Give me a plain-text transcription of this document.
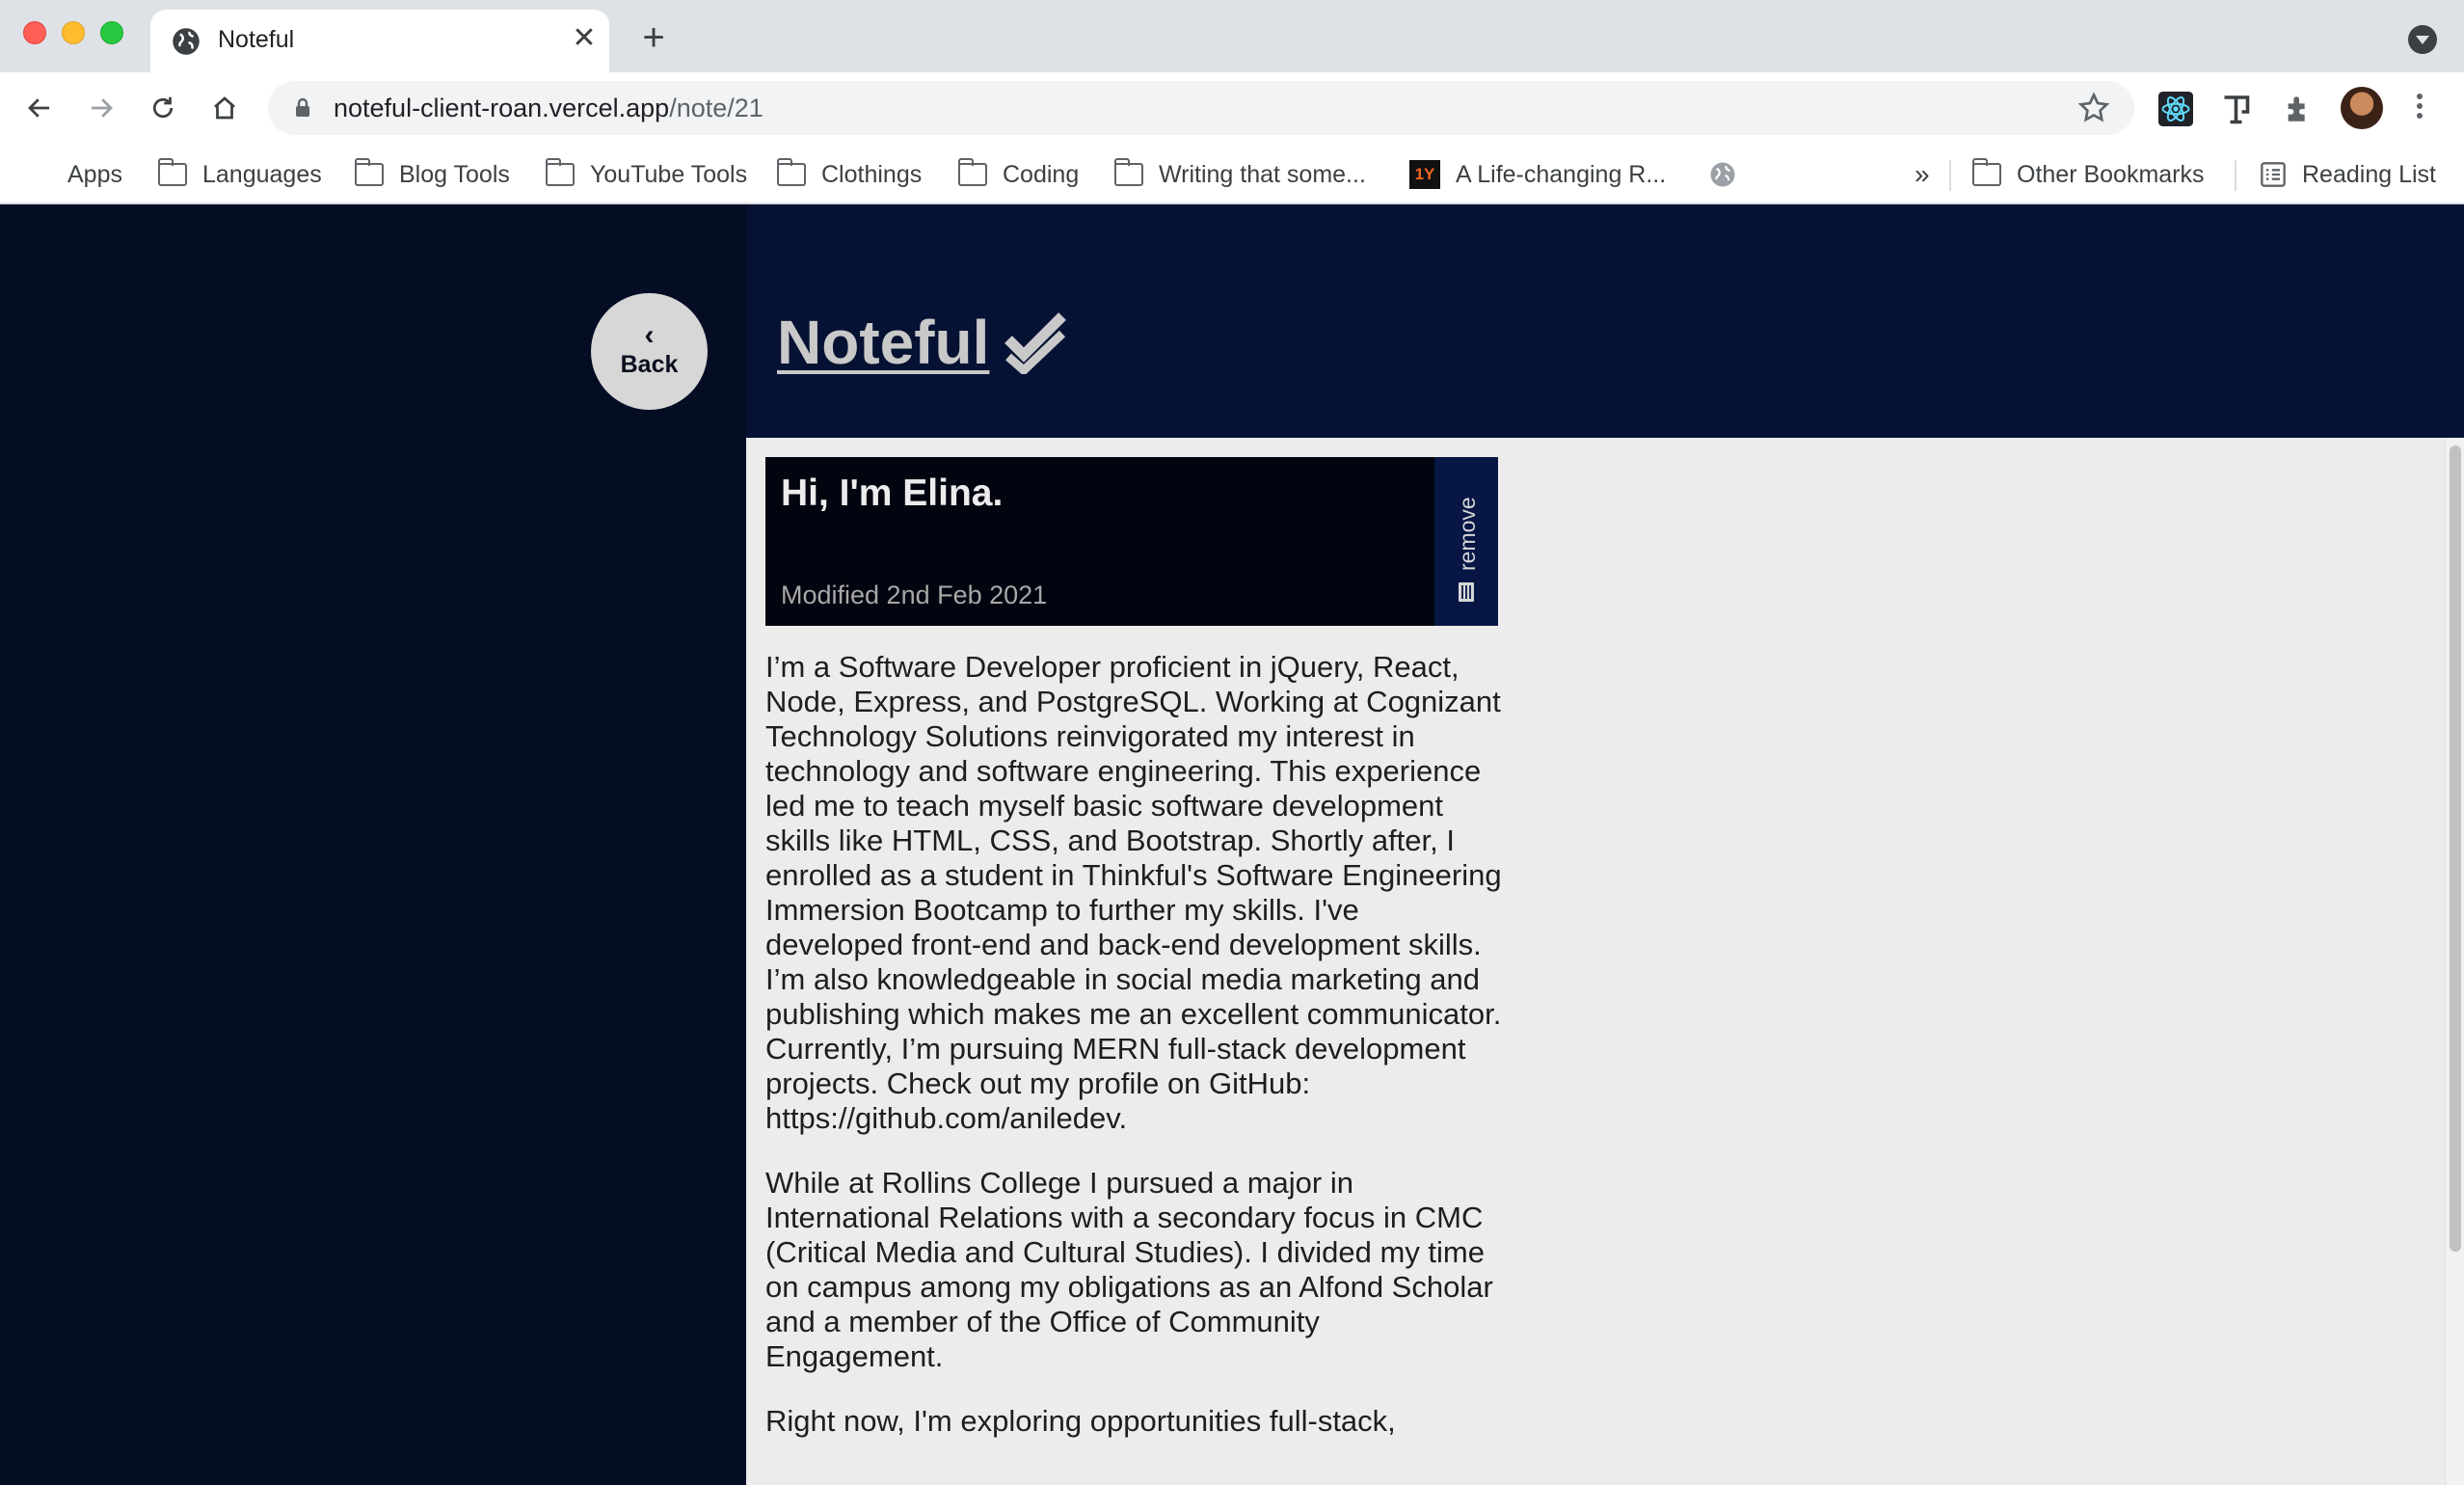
Noteful	✕ +
noteful-client-roan.vercel.app/note/21
Apps	Languages	Blog Tools	YouTube Tools	Clothings	Coding	Writing that some...	1Y A Life-changing R...	»	Other Bookmarks	Reading List
‹
Back Noteful
Hi, I'm Elina.
Modified 2nd Feb 2021
remove

I’m a Software Developer proficient in jQuery, React, Node, Express, and PostgreSQL. Working at Cognizant Technology Solutions reinvigorated my interest in technology and software engineering. This experience led me to teach myself basic software development skills like HTML, CSS, and Bootstrap. Shortly after, I enrolled as a student in Thinkful's Software Engineering Immersion Bootcamp to further my skills. I've developed front-end and back-end development skills. I’m also knowledgeable in social media marketing and publishing which makes me an excellent communicator. Currently, I’m pursuing MERN full-stack development projects. Check out my profile on GitHub: https://github.com/aniledev.

While at Rollins College I pursued a major in International Relations with a secondary focus in CMC (Critical Media and Cultural Studies). I divided my time on campus among my obligations as an Alfond Scholar and a member of the Office of Community Engagement.

Right now, I'm exploring opportunities full-stack,
